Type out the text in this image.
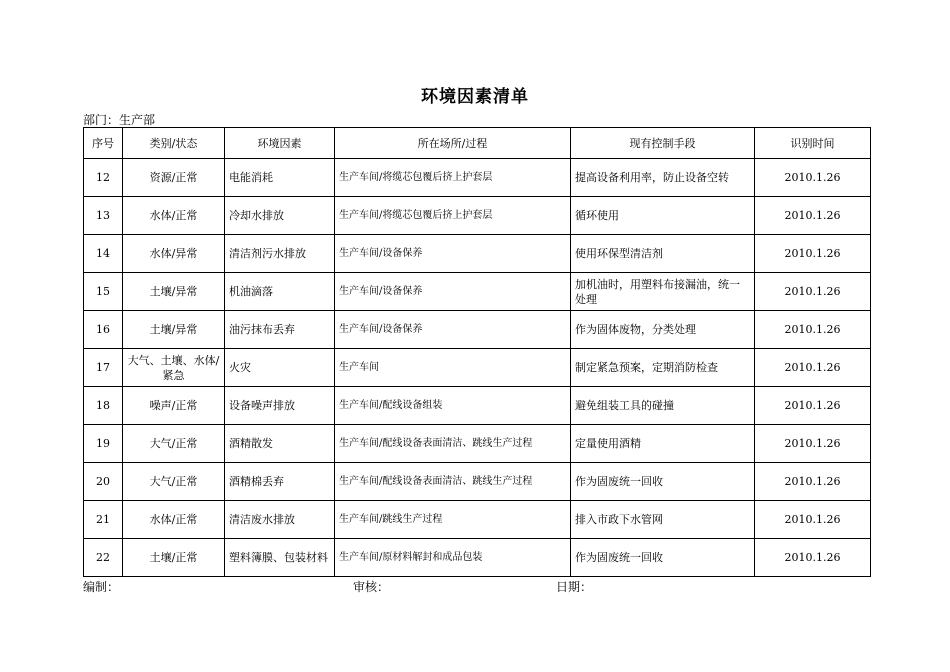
环境因素清单
部门：生产部
序号	类别/状态	环境因素	所在场所/过程	现有控制手段	识别时间
12	资源/正常	电能消耗	生产车间/将缆芯包覆后挤上护套层	提高设备利用率，防止设备空转	2010.1.26
13	水体/正常	冷却水排放	生产车间/将缆芯包覆后挤上护套层	循环使用	2010.1.26
14	水体/异常	清洁剂污水排放	生产车间/设备保养	使用环保型清洁剂	2010.1.26
15	土壤/异常	机油滴落	生产车间/设备保养	加机油时，用塑料布接漏油，统一处理	2010.1.26
16	土壤/异常	油污抹布丢弃	生产车间/设备保养	作为固体废物，分类处理	2010.1.26
17	大气、土壤、水体/紧急	火灾	生产车间	制定紧急预案，定期消防检查	2010.1.26
18	噪声/正常	设备噪声排放	生产车间/配线设备组装	避免组装工具的碰撞	2010.1.26
19	大气/正常	酒精散发	生产车间/配线设备表面清洁、跳线生产过程	定量使用酒精	2010.1.26
20	大气/正常	酒精棉丢弃	生产车间/配线设备表面清洁、跳线生产过程	作为固废统一回收	2010.1.26
21	水体/正常	清洁废水排放	生产车间/跳线生产过程	排入市政下水管网	2010.1.26
22	土壤/正常	塑料簿膜、包装材料	生产车间/原材料解封和成品包装	作为固废统一回收	2010.1.26
编制：	审核：	日期：
